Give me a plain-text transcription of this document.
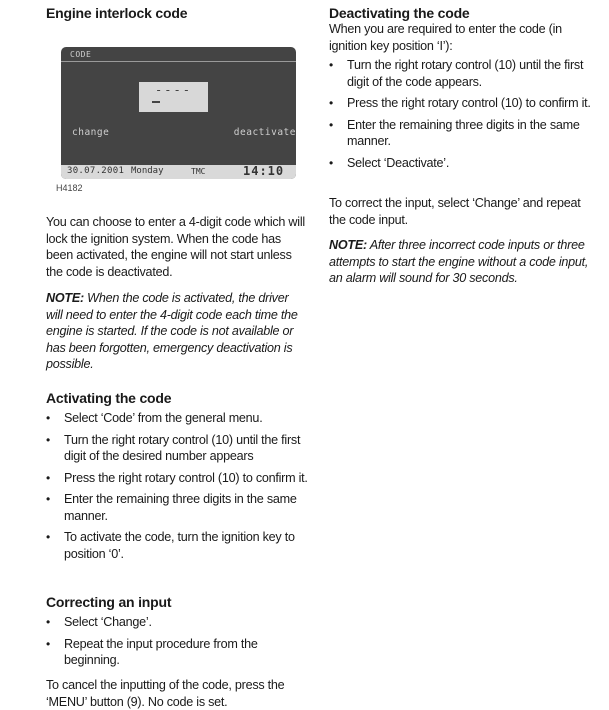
Engine interlock code
CODE
----
change	deactivate
30.07.2001 Monday	TMC	14:10
H4182

You can choose to enter a 4-digit code which will lock the ignition system. When the code has been activated, the engine will not start unless the code is deactivated.

NOTE: When the code is activated, the driver will need to enter the 4-digit code each time the engine is started. If the code is not available or has been forgotten, emergency deactivation is possible.

Activating the code
• Select ‘Code’ from the general menu.
• Turn the right rotary control (10) until the first digit of the desired number appears
• Press the right rotary control (10) to confirm it.
• Enter the remaining three digits in the same manner.
• To activate the code, turn the ignition key to position ‘0’.
Correcting an input
• Select ‘Change’.
• Repeat the input procedure from the beginning.

To cancel the inputting of the code, press the ‘MENU’ button (9). No code is set.

Deactivating the code

When you are required to enter the code (in ignition key position ‘I’):

• Turn the right rotary control (10) until the first digit of the code appears.
• Press the right rotary control (10) to confirm it.
• Enter the remaining three digits in the same manner.
• Select ‘Deactivate’.

To correct the input, select ‘Change’ and repeat the code input.

NOTE: After three incorrect code inputs or three attempts to start the engine without a code input, an alarm will sound for 30 seconds.
